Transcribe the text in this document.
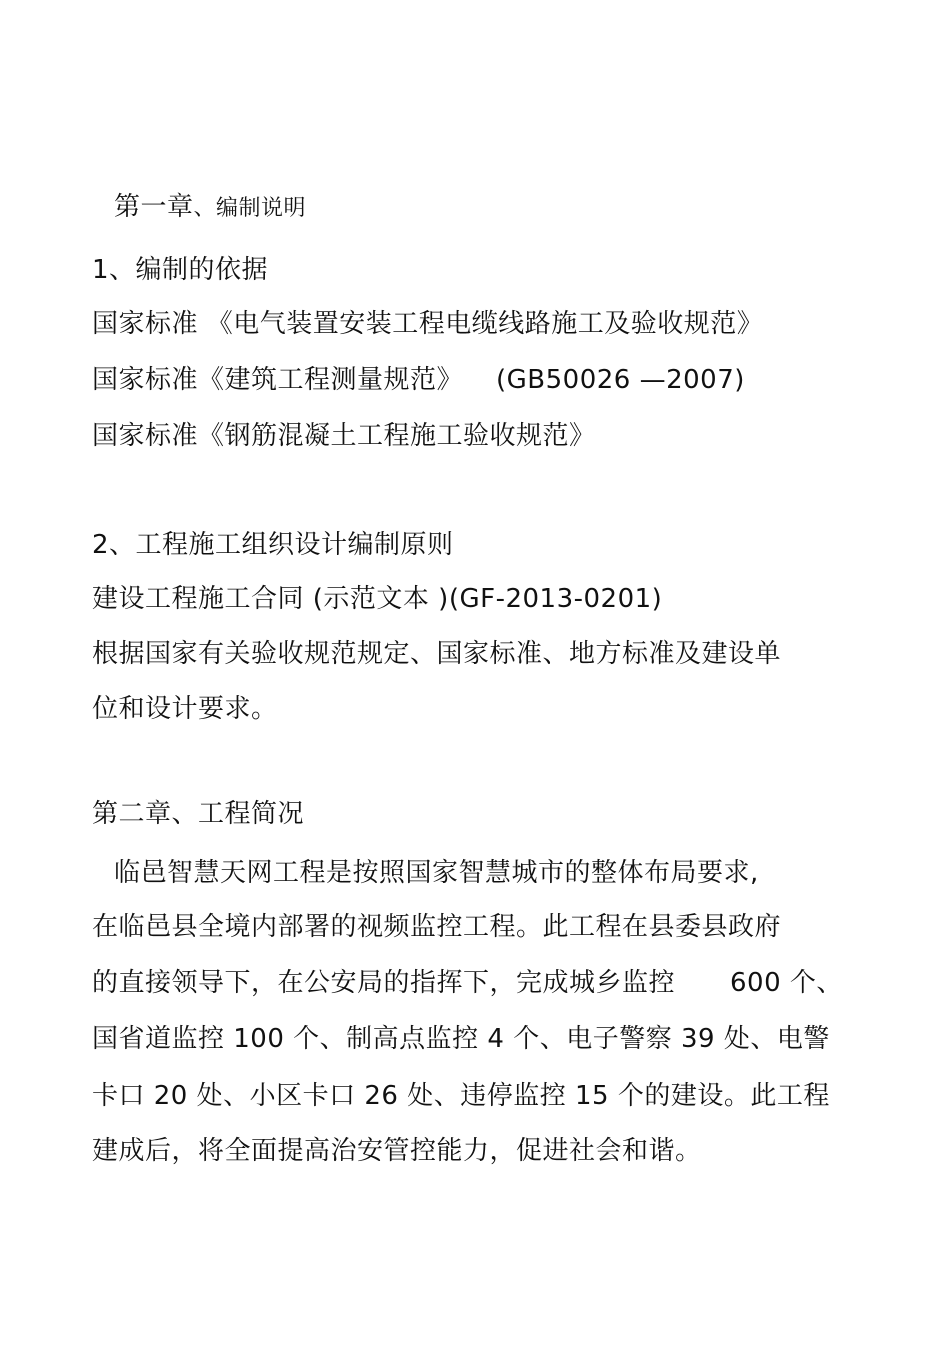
第一章、编制说明
1、编制的依据
国家标准 《电气装置安装工程电缆线路施工及验收规范》
国家标准《建筑工程测量规范》 (GB50026 —2007)
国家标准《钢筋混凝土工程施工验收规范》
2、工程施工组织设计编制原则
建设工程施工合同 (示范文本 )(GF-2013-0201)
根据国家有关验收规范规定、国家标准、地方标准及建设单
位和设计要求。
第二章、工程简况
临邑智慧天网工程是按照国家智慧城市的整体布局要求,
在临邑县全境内部署的视频监控工程。此工程在县委县政府
的直接领导下，在公安局的指挥下，完成城乡监控 600 个、
国省道监控 100 个、制高点监控 4 个、电子警察 39 处、电警
卡口 20 处、小区卡口 26 处、违停监控 15 个的建设。此工程
建成后，将全面提高治安管控能力，促进社会和谐。
